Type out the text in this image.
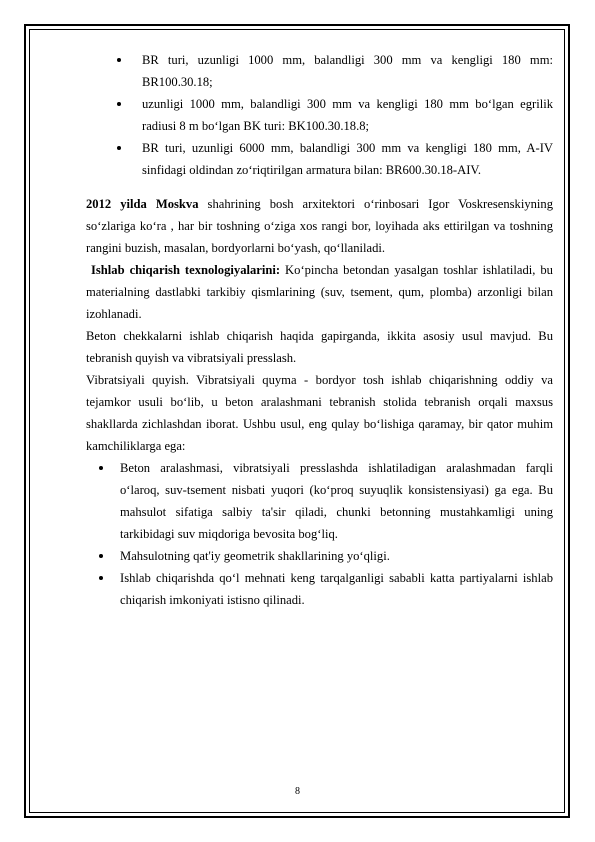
BR turi, uzunligi 1000 mm, balandligi 300 mm va kengligi 180 mm: BR100.30.18;
uzunligi 1000 mm, balandligi 300 mm va kengligi 180 mm bo‘lgan egrilik radiusi 8 m bo‘lgan BK turi: BK100.30.18.8;
BR turi, uzunligi 6000 mm, balandligi 300 mm va kengligi 180 mm, A-IV sinfidagi oldindan zo‘riqtirilgan armatura bilan: BR600.30.18-AIV.
2012 yilda Moskva shahrining bosh arxitektori o‘rinbosari Igor Voskresenskiyning so‘zlariga ko‘ra , har bir toshning o‘ziga xos rangi bor, loyihada aks ettirilgan va toshning rangini buzish, masalan, bordyorlarni bo‘yash, qo‘llaniladi.
Ishlab chiqarish texnologiyalarini: Ko‘pincha betondan yasalgan toshlar ishlatiladi, bu materialning dastlabki tarkibiy qismlarining (suv, tsement, qum, plomba) arzonligi bilan izohlanadi.
Beton chekkalarni ishlab chiqarish haqida gapirganda, ikkita asosiy usul mavjud. Bu tebranish quyish va vibratsiyali presslash.
Vibratsiyali quyish. Vibratsiyali quyma - bordyor tosh ishlab chiqarishning oddiy va tejamkor usuli bo‘lib, u beton aralashmani tebranish stolida tebranish orqali maxsus shakllarda zichlashdan iborat. Ushbu usul, eng qulay bo‘lishiga qaramay, bir qator muhim kamchiliklarga ega:
Beton aralashmasi, vibratsiyali presslashda ishlatiladigan aralashmadan farqli o‘laroq, suv-tsement nisbati yuqori (ko‘proq suyuqlik konsistensiyasi) ga ega. Bu mahsulot sifatiga salbiy ta'sir qiladi, chunki betonning mustahkamligi uning tarkibidagi suv miqdoriga bevosita bog‘liq.
Mahsulotning qat'iy geometrik shakllarining yo‘qligi.
Ishlab chiqarishda qo‘l mehnati keng tarqalganligi sababli katta partiyalarni ishlab chiqarish imkoniyati istisno qilinadi.
8
